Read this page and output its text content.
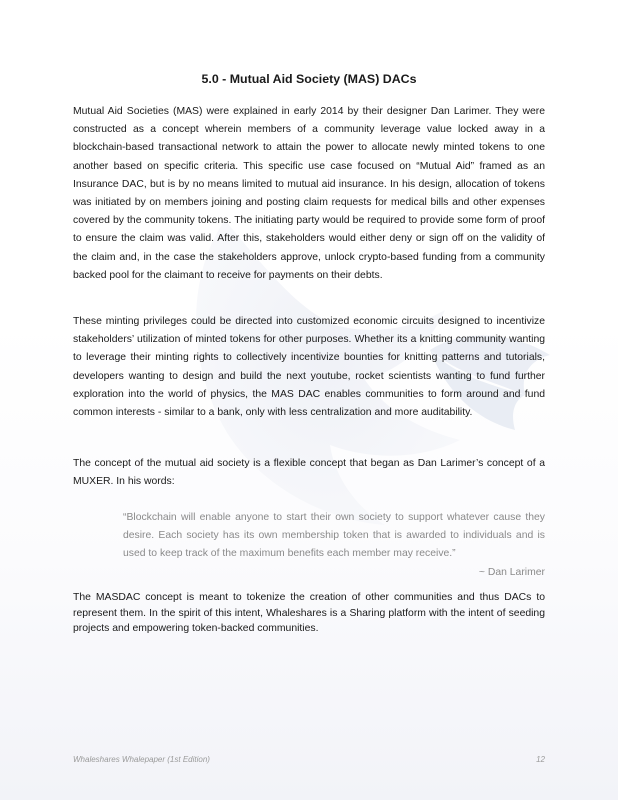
5.0 - Mutual Aid Society (MAS) DACs

Mutual Aid Societies (MAS) were explained in early 2014 by their designer Dan Larimer. They were constructed as a concept wherein members of a community leverage value locked away in a blockchain-based transactional network to attain the power to allocate newly minted tokens to one another based on specific criteria. This specific use case focused on “Mutual Aid” framed as an Insurance DAC, but is by no means limited to mutual aid insurance. In his design, allocation of tokens was initiated by on members joining and posting claim requests for medical bills and other expenses covered by the community tokens. The initiating party would be required to provide some form of proof to ensure the claim was valid. After this, stakeholders would either deny or sign off on the validity of the claim and, in the case the stakeholders approve, unlock crypto-based funding from a community backed pool for the claimant to receive for payments on their debts.

These minting privileges could be directed into customized economic circuits designed to incentivize stakeholders’ utilization of minted tokens for other purposes. Whether its a knitting community wanting to leverage their minting rights to collectively incentivize bounties for knitting patterns and tutorials, developers wanting to design and build the next youtube, rocket scientists wanting to fund further exploration into the world of physics, the MAS DAC enables communities to form around and fund common interests - similar to a bank, only with less centralization and more auditability.

The concept of the mutual aid society is a flexible concept that began as Dan Larimer’s concept of a MUXER. In his words:

“Blockchain will enable anyone to start their own society to support whatever cause they desire. Each society has its own membership token that is awarded to individuals and is used to keep track of the maximum benefits each member may receive.”

~ Dan Larimer

The MASDAC concept is meant to tokenize the creation of other communities and thus DACs to represent them. In the spirit of this intent, Whaleshares is a Sharing platform with the intent of seeding projects and empowering token-backed communities.

Whaleshares Whalepaper (1st Edition)	12
